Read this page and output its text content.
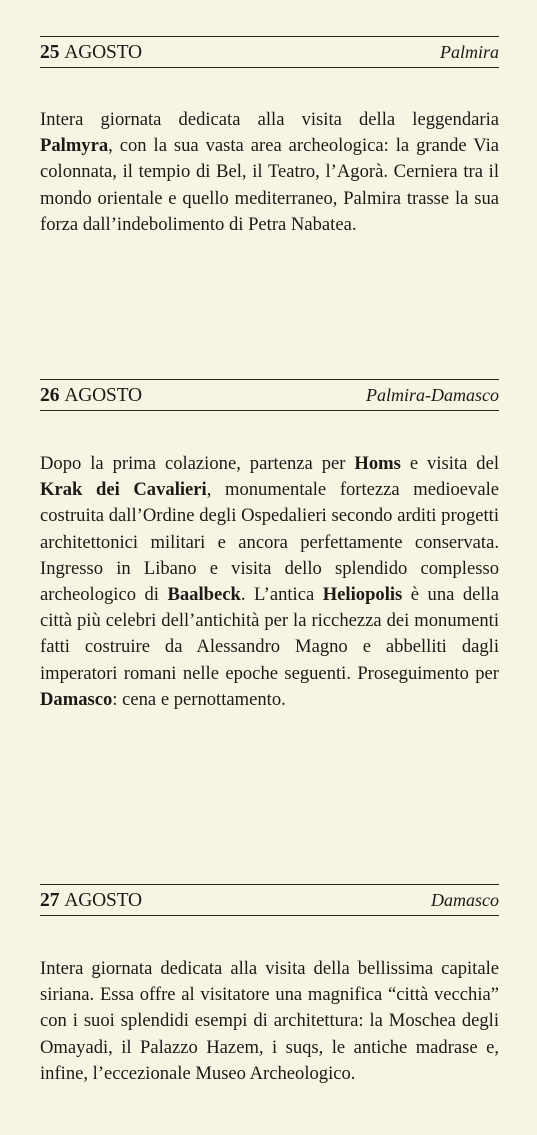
25 AGOSTO	Palmira

Intera giornata dedicata alla visita della leggendaria Palmyra, con la sua vasta area archeologica: la grande Via colonnata, il tempio di Bel, il Teatro, l’Agorà. Cerniera tra il mondo orientale e quello mediterraneo, Palmira trasse la sua forza dall’indebolimento di Petra Nabatea.

26 AGOSTO	Palmira-Damasco

Dopo la prima colazione, partenza per Homs e visita del Krak dei Cavalieri, monumentale fortezza medioevale costruita dall’Ordine degli Ospedalieri secondo arditi progetti architettonici militari e ancora perfettamente conservata. Ingresso in Libano e visita dello splendido complesso archeologico di Baalbeck. L’antica Heliopolis è una della città più celebri dell’antichità per la ricchezza dei monumenti fatti costruire da Alessandro Magno e abbelliti dagli imperatori romani nelle epoche seguenti. Proseguimento per Damasco: cena e pernottamento.

27 AGOSTO	Damasco

Intera giornata dedicata alla visita della bellissima capitale siriana. Essa offre al visitatore una magnifica “città vecchia” con i suoi splendidi esempi di architettura: la Moschea degli Omayadi, il Palazzo Hazem, i suqs, le antiche madrase e, infine, l’eccezionale Museo Archeologico.
